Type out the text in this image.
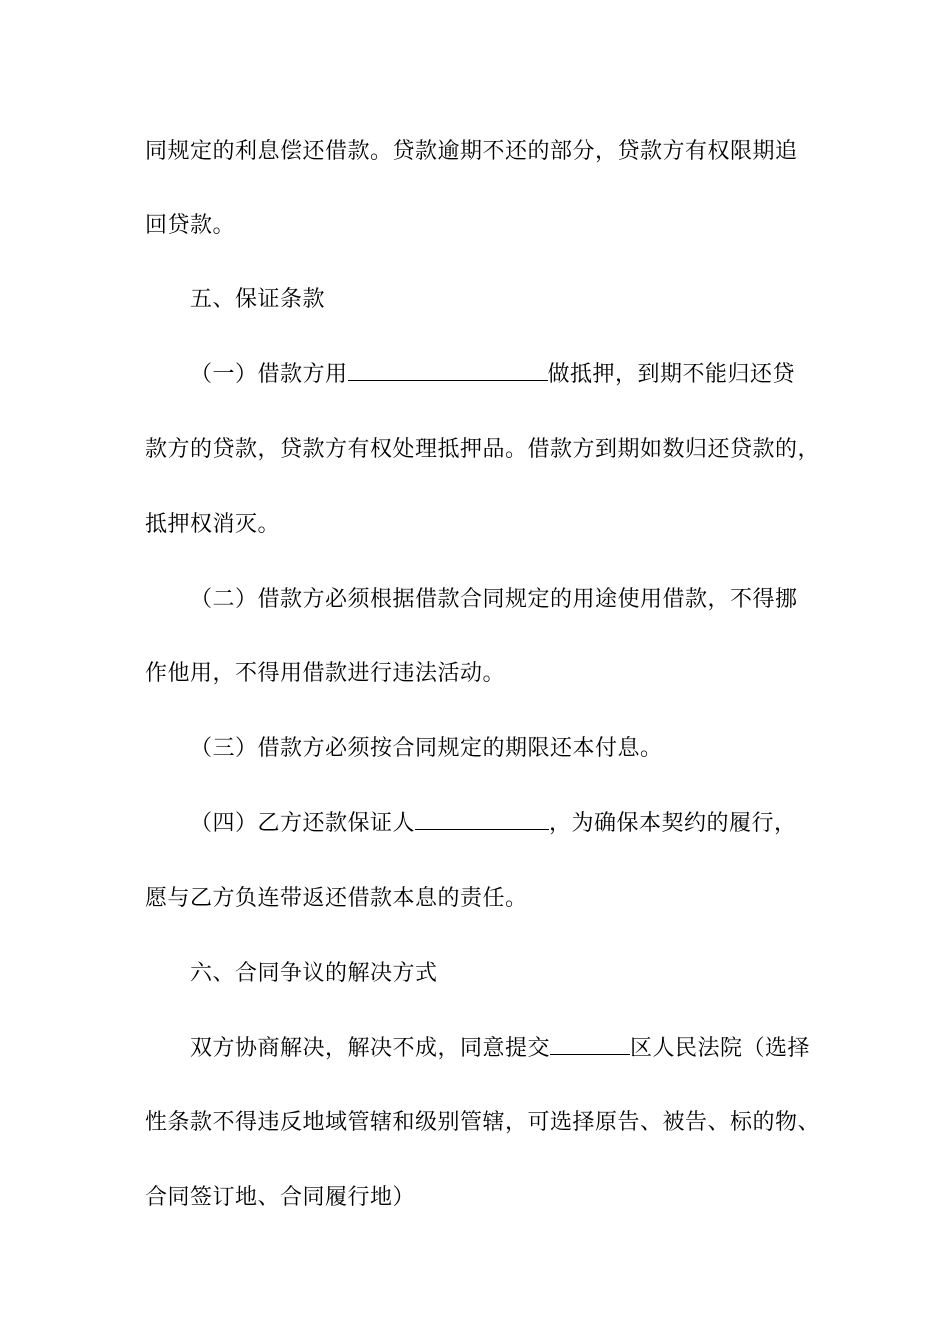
同规定的利息偿还借款。贷款逾期不还的部分，贷款方有权限期追
回贷款。
五、保证条款
（一）借款方用	做抵押，到期不能归还贷
款方的贷款，贷款方有权处理抵押品。借款方到期如数归还贷款的，
抵押权消灭。
（二）借款方必须根据借款合同规定的用途使用借款，不得挪
作他用，不得用借款进行违法活动。
（三）借款方必须按合同规定的期限还本付息。
（四）乙方还款保证人	，为确保本契约的履行，
愿与乙方负连带返还借款本息的责任。
六、合同争议的解决方式
双方协商解决，解决不成，同意提交	区人民法院（选择
性条款不得违反地域管辖和级别管辖，可选择原告、被告、标的物、
合同签订地、合同履行地）
